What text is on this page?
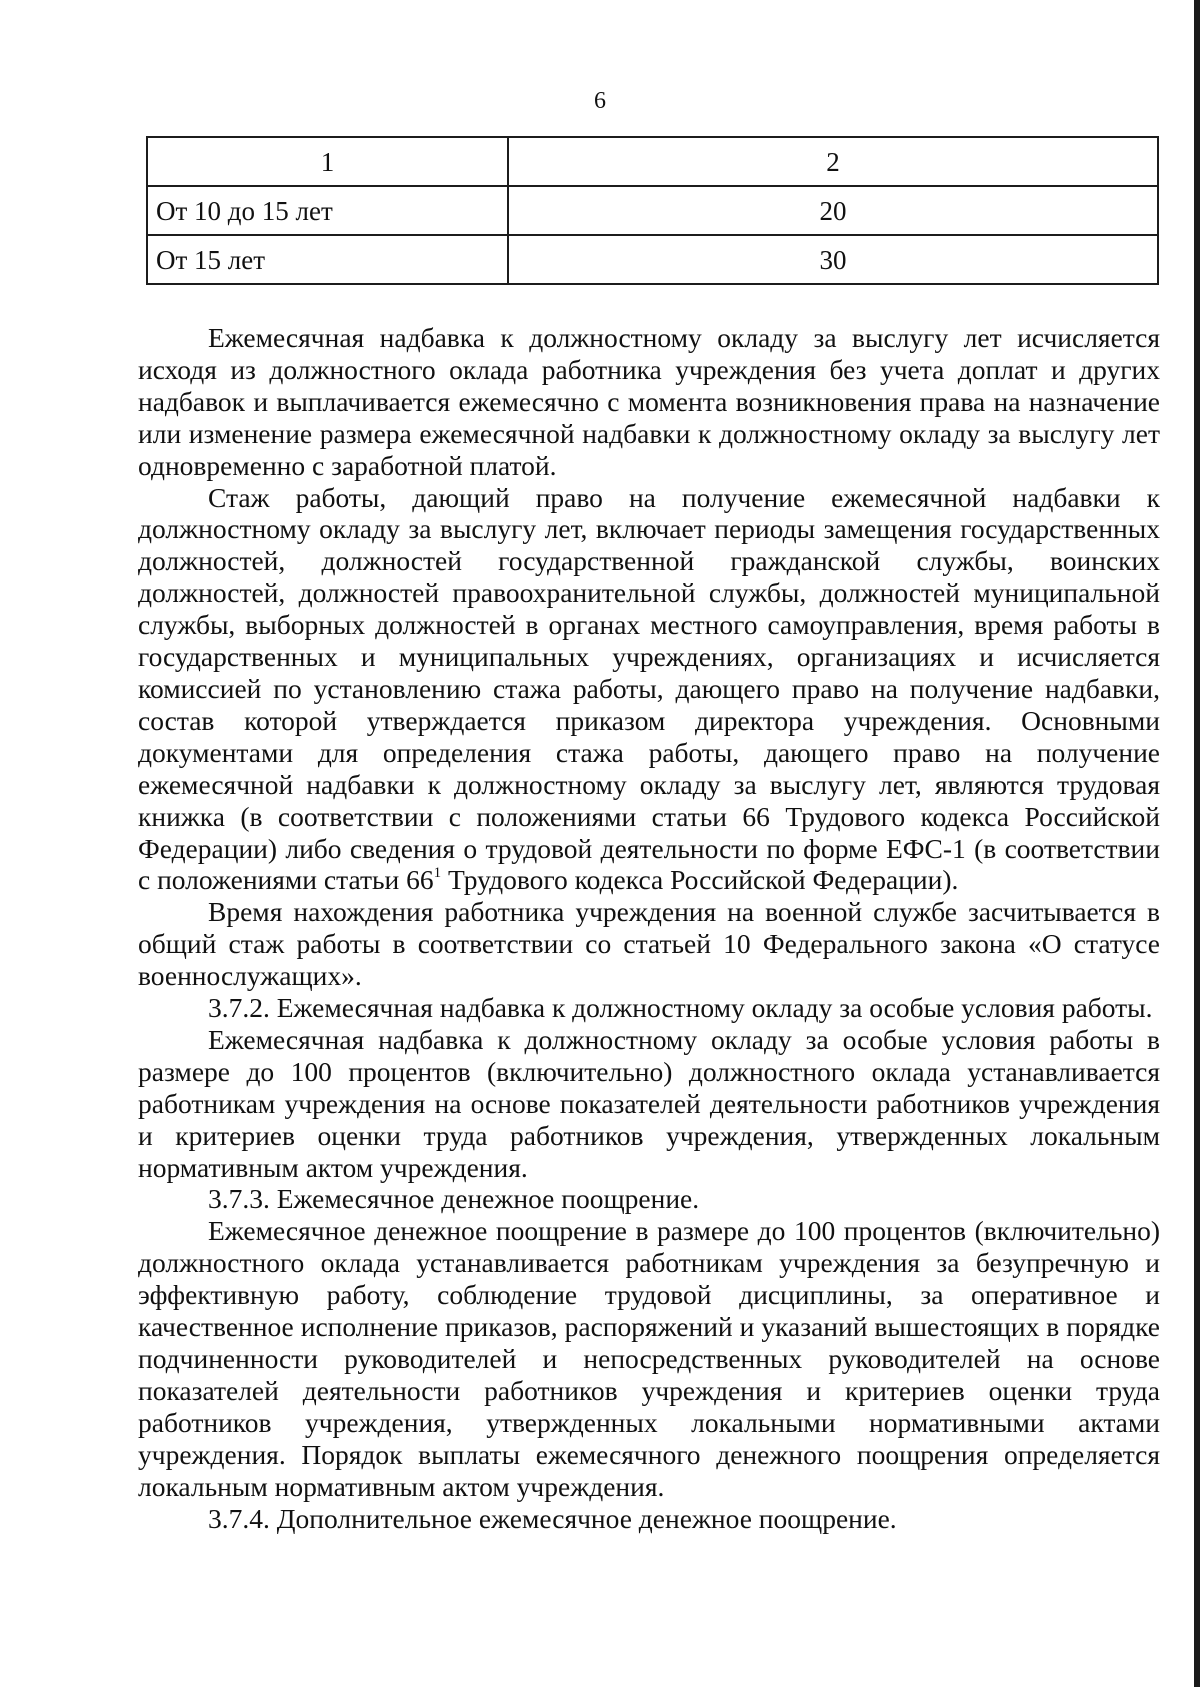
6
1	2
От 10 до 15 лет	20
От 15 лет	30

Ежемесячная надбавка к должностному окладу за выслугу лет исчисляется исходя из должностного оклада работника учреждения без учета доплат и других надбавок и выплачивается ежемесячно с момента возникновения права на назначение или изменение размера ежемесячной надбавки к должностному окладу за выслугу лет одновременно с заработной платой.

Стаж работы, дающий право на получение ежемесячной надбавки к должностному окладу за выслугу лет, включает периоды замещения государственных должностей, должностей государственной гражданской службы, воинских должностей, должностей правоохранительной службы, должностей муниципальной службы, выборных должностей в органах местного самоуправления, время работы в государственных и муниципальных учреждениях, организациях и исчисляется комиссией по установлению стажа работы, дающего право на получение надбавки, состав которой утверждается приказом директора учреждения. Основными документами для определения стажа работы, дающего право на получение ежемесячной надбавки к должностному окладу за выслугу лет, являются трудовая книжка (в соответствии с положениями статьи 66 Трудового кодекса Российской Федерации) либо сведения о трудовой деятельности по форме ЕФС-1 (в соответствии с положениями статьи $66^1$ Трудового кодекса Российской Федерации).

Время нахождения работника учреждения на военной службе засчитывается в общий стаж работы в соответствии со статьей 10 Федерального закона «О статусе военнослужащих».

3.7.2. Ежемесячная надбавка к должностному окладу за особые условия работы.

Ежемесячная надбавка к должностному окладу за особые условия работы в размере до 100 процентов (включительно) должностного оклада устанавливается работникам учреждения на основе показателей деятельности работников учреждения и критериев оценки труда работников учреждения, утвержденных локальным нормативным актом учреждения.

3.7.3. Ежемесячное денежное поощрение.

Ежемесячное денежное поощрение в размере до 100 процентов (включительно) должностного оклада устанавливается работникам учреждения за безупречную и эффективную работу, соблюдение трудовой дисциплины, за оперативное и качественное исполнение приказов, распоряжений и указаний вышестоящих в порядке подчиненности руководителей и непосредственных руководителей на основе показателей деятельности работников учреждения и критериев оценки труда работников учреждения, утвержденных локальными нормативными актами учреждения. Порядок выплаты ежемесячного денежного поощрения определяется локальным нормативным актом учреждения.

3.7.4. Дополнительное ежемесячное денежное поощрение.
